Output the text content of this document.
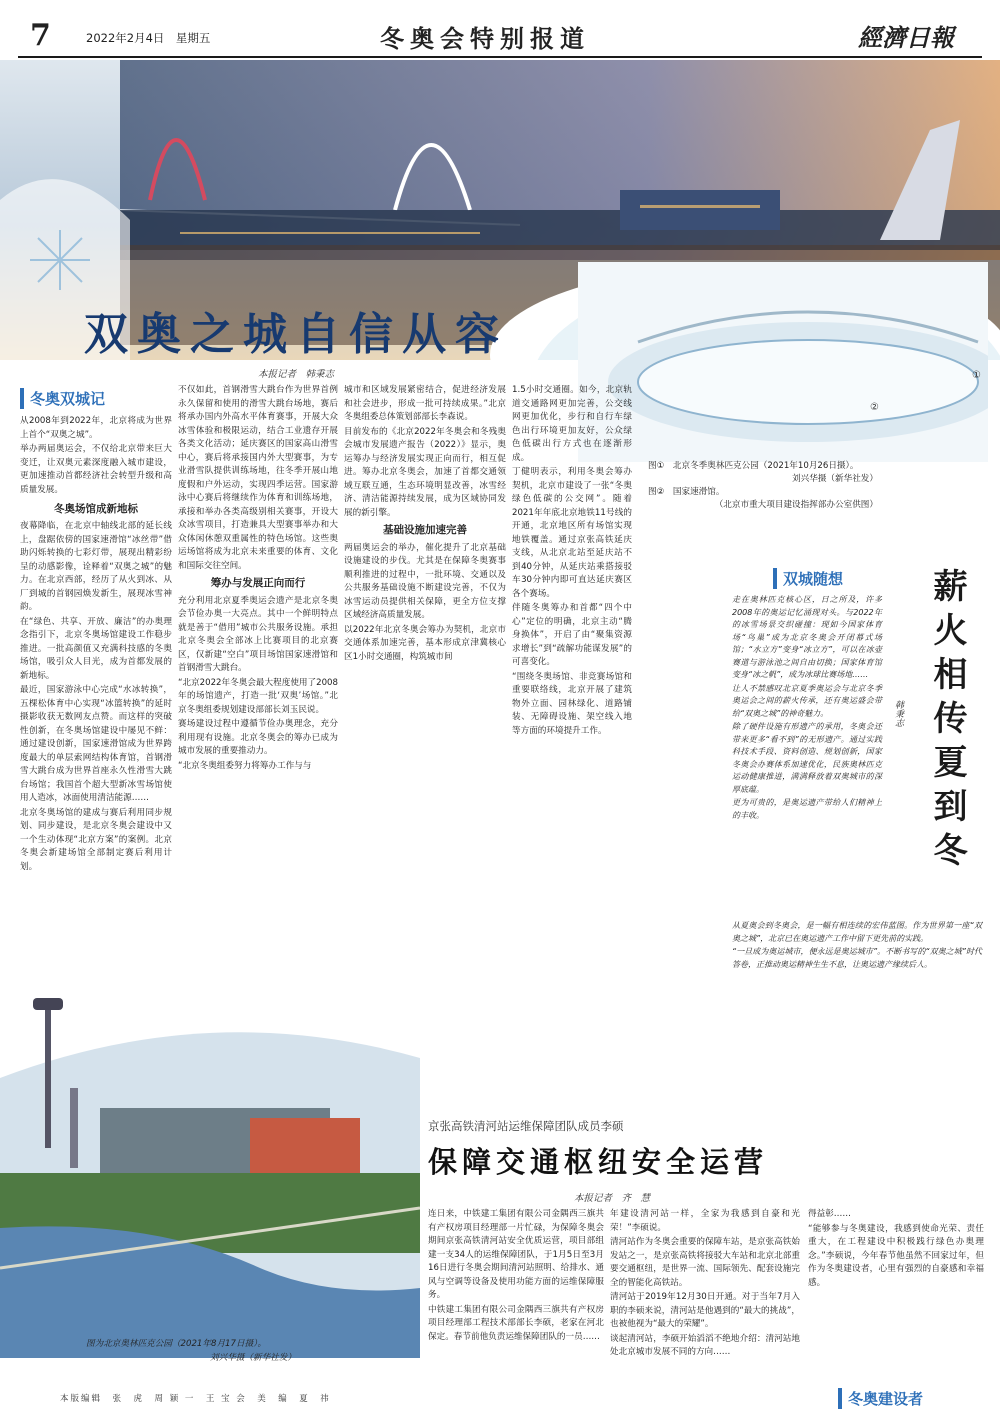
7	2022年2月4日　星期五	冬奥会特别报道	經濟日報
①
②
双奥之城自信从容
本报记者　韩秉志
冬奥双城记

从2008年到2022年，北京将成为世界上首个“双奥之城”。

举办两届奥运会，不仅给北京带来巨大变迁，让双奥元素深度融入城市建设，更加速推动首都经济社会转型升级和高质量发展。

冬奥场馆成新地标

夜幕降临，在北京中轴线北部的延长线上，盘踞依傍的国家速滑馆“冰丝带”借助闪烁转换的七彩灯带，展现出精彩纷呈的动感影像，诠释着“双奥之城”的魅力。在北京西部，经历了从火到冰、从厂到城的首钢园焕发新生，展现冰雪神韵。

在“绿色、共享、开放、廉洁”的办奥理念指引下，北京冬奥场馆建设工作稳步推进。一批高颜值又充满科技感的冬奥场馆，吸引众人目光，成为首都发展的新地标。

最近，国家游泳中心完成“水冰转换”，五棵松体育中心实现“冰篮转换”的延时摄影收获无数网友点赞。而这样的突破性创新，在冬奥场馆建设中屡见不鲜：通过建设创新，国家速滑馆成为世界跨度最大的单层索网结构体育馆，首钢滑雪大跳台成为世界首座永久性滑雪大跳台场馆；我国首个超大型新冰雪场馆使用人造冰，冰面使用清洁能源……

北京冬奥场馆的建成与赛后利用同步规划、同步建设，是北京冬奥会建设中又一个生动体现“北京方案”的案例。北京冬奥会新建场馆全部制定赛后利用计划。

不仅如此，首钢滑雪大跳台作为世界首例永久保留和使用的滑雪大跳台场地，赛后将承办国内外高水平体育赛事，开展大众冰雪体验和极限运动，结合工业遗存开展各类文化活动；延庆赛区的国家高山滑雪中心，赛后将承接国内外大型赛事，为专业滑雪队提供训练场地，往冬季开展山地度假和户外运动，实现四季运营。国家游泳中心赛后将继续作为体育和训练场地，承接和举办各类高级别相关赛事，开设大众冰雪项目，打造兼具大型赛事举办和大众体闲休憩双重属性的特色场馆。这些奥运场馆将成为北京未来重要的体育、文化和国际交往空间。

筹办与发展正向而行

充分利用北京夏季奥运会遗产是北京冬奥会节俭办奥一大亮点。其中一个鲜明特点就是善于“借用”城市公共服务设施。承担北京冬奥会全部冰上比赛项目的北京赛区，仅新建“空白”项目场馆国家速滑馆和首钢滑雪大跳台。

“北京2022年冬奥会最大程度使用了2008年的场馆遗产，打造一批‘双奥’场馆。”北京冬奥组委规划建设部部长刘玉民说。

赛场建设过程中遵循节俭办奥理念，充分利用现有设施。北京冬奥会的筹办已成为城市发展的重要推动力。

“北京冬奥组委努力将筹办工作与与

城市和区域发展紧密结合，促进经济发展和社会进步，形成一批可持续成果。”北京冬奥组委总体策划部部长李森说。

目前发布的《北京2022年冬奥会和冬残奥会城市发展遗产报告（2022）》显示，奥运筹办与经济发展实现正向而行，相互促进。筹办北京冬奥会，加速了首都交通领域互联互通，生态环境明显改善，冰雪经济、清洁能源持续发展，成为区域协同发展的新引擎。

基础设施加速完善

两届奥运会的举办，催化提升了北京基础设施建设的步伐。尤其是在保障冬奥赛事顺利推进的过程中，一批环境、交通以及公共服务基础设施不断建设完善，不仅为冰雪运动员提供相关保障，更全方位支撑区域经济高质量发展。

以2022年北京冬奥会筹办为契机，北京市交通体系加速完善，基本形成京津冀核心区1小时交通圈，构筑城市间

1.5小时交通圈。如今，北京轨道交通路网更加完善，公交线网更加优化，步行和自行车绿色出行环境更加友好，公众绿色低碳出行方式也在逐渐形成。

丁健明表示，利用冬奥会筹办契机，北京市建设了一张“冬奥绿色低碳的公交网”。随着2021年年底北京地铁11号线的开通，北京地区所有场馆实现地铁覆盖。通过京张高铁延庆支线，从北京北站至延庆站不到40分钟，从延庆站乘搭接驳车30分钟内即可直达延庆赛区各个赛场。

伴随冬奥筹办和首都“四个中心”定位的明确，北京主动“腾身换体”，开启了由“聚集资源求增长”到“疏解功能谋发展”的可喜变化。

“围绕冬奥场馆、非竞赛场馆和重要联络线，北京开展了建筑物外立面、园林绿化、道路铺装、无障碍设施、架空线入地等方面的环境提升工作。

图①　北京冬季奥林匹克公园（2021年10月26日摄）。
刘兴华摄（新华社发）
图②　国家速滑馆。
（北京市重大项目建设指挥部办公室供图）
双城随想	薪火相传夏到冬
韩秉志

走在奥林匹克核心区，日之所及，许多2008年的奥运记忆涌现对头。与2022年的冰雪场景交织碰撞：现如今国家体育场“鸟巢”成为北京冬奥会开闭幕式场馆；“水立方”变身“冰立方”，可以在冰壶赛道与游泳池之间自由切换；国家体育馆变身“冰之帆”，成为冰球比赛场地……

让人不禁感叹北京夏季奥运会与北京冬季奥运会之间的薪火传承，还有奥运盛会带给“双奥之城”的神奇魅力。

除了硬件设施有形遗产的承用，冬奥会还带来更多“看不到”的无形遗产。通过实践科技术手段、资料创造、规划创新，国家冬奥会办赛体系加速优化，民族奥林匹克运动健康推进，满满释放着双奥城市的深厚底蕴。

更为可贵的，是奥运遗产带给人们精神上的丰收。

从夏奥会到冬奥会，是一幅有相连续的宏伟蓝图。作为世界第一座“双奥之城”，北京已在奥运遗产工作中留下更先前的实践。

“一旦成为奥运城市，便永远是奥运城市”。不断书写的“双奥之城”时代答卷，正推动奥运精神生生不息，让奥运遗产缘续后人。

图为北京奥林匹克公园（2021年8月17日摄）。
刘兴华摄（新华社发）
京张高铁清河站运维保障团队成员李硕
保障交通枢纽安全运营
本报记者　齐　慧

连日来，中铁建工集团有限公司金隅西三旗共有产权房项目经理部一片忙碌，为保障冬奥会期间京张高铁清河站安全优质运营，项目部组建一支34人的运维保障团队，于1月5日至3月16日进行冬奥会期间清河站照明、给排水、通风与空调等设备及使用功能方面的运维保障服务。

中铁建工集团有限公司金隅西三旗共有产权房项目经理部工程技术部部长李硕，老家在河北保定。春节前他负责运维保障团队的一员……

年建设清河站一样，全家为我感到自豪和光荣！”李硕说。

清河站作为冬奥会重要的保障车站，是京张高铁始发站之一，是京张高铁将接驳大车站和北京北部重要交通枢纽，是世界一流、国际领先、配套设施完全的智能化高铁站。

清河站于2019年12月30日开通。对于当年7月入职的李硕来说，清河站是他遇到的“最大的挑战”，也被他视为“最大的荣耀”。

谈起清河站，李硕开始滔滔不绝地介绍：清河站地处北京城市发展不同的方向……

得益彰……

“能够参与冬奥建设，我感到使命光荣、责任重大，在工程建设中积极践行绿色办奥理念。”李硕说，今年春节他虽然不回家过年，但作为冬奥建设者，心里有强烈的自豪感和幸福感。

冬奥建设者
本版编辑　张　虎　周 颖 一　王 宝 会　美　编　夏　祎
